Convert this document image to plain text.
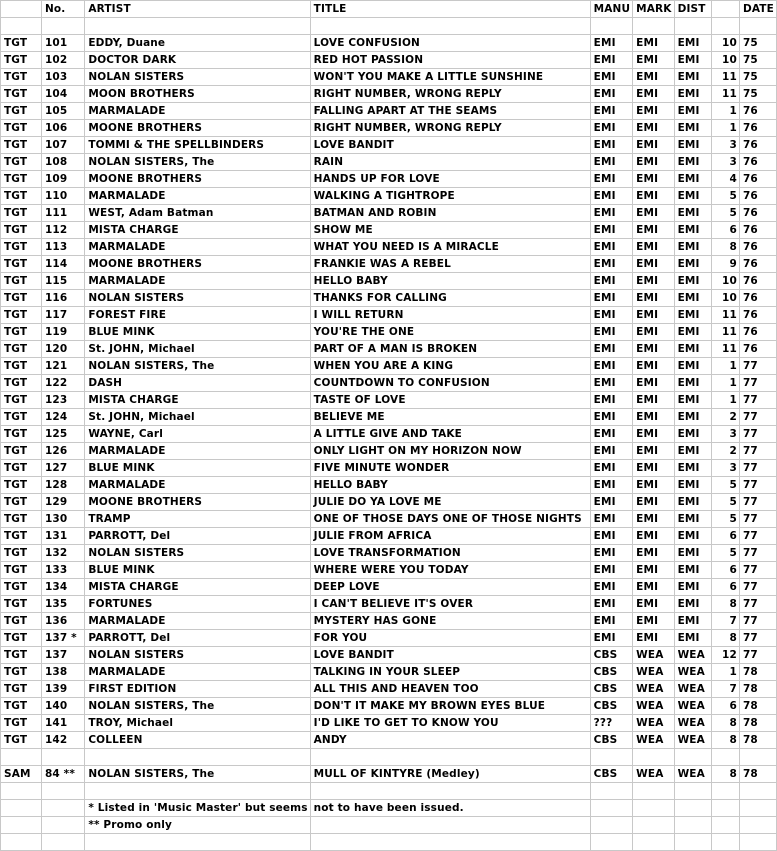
	No.	ARTIST	TITLE	MANU	MARK	DIST		DATE

TGT	101	EDDY, Duane	LOVE CONFUSION	EMI	EMI	EMI	10	75
TGT	102	DOCTOR DARK	RED HOT PASSION	EMI	EMI	EMI	10	75
TGT	103	NOLAN SISTERS	WON'T YOU MAKE A LITTLE SUNSHINE	EMI	EMI	EMI	11	75
TGT	104	MOON BROTHERS	RIGHT NUMBER, WRONG REPLY	EMI	EMI	EMI	11	75
TGT	105	MARMALADE	FALLING APART AT THE SEAMS	EMI	EMI	EMI	1	76
TGT	106	MOONE BROTHERS	RIGHT NUMBER, WRONG REPLY	EMI	EMI	EMI	1	76
TGT	107	TOMMI & THE SPELLBINDERS	LOVE BANDIT	EMI	EMI	EMI	3	76
TGT	108	NOLAN SISTERS, The	RAIN	EMI	EMI	EMI	3	76
TGT	109	MOONE BROTHERS	HANDS UP FOR LOVE	EMI	EMI	EMI	4	76
TGT	110	MARMALADE	WALKING A TIGHTROPE	EMI	EMI	EMI	5	76
TGT	111	WEST, Adam Batman	BATMAN AND ROBIN	EMI	EMI	EMI	5	76
TGT	112	MISTA CHARGE	SHOW ME	EMI	EMI	EMI	6	76
TGT	113	MARMALADE	WHAT YOU NEED IS A MIRACLE	EMI	EMI	EMI	8	76
TGT	114	MOONE BROTHERS	FRANKIE WAS A REBEL	EMI	EMI	EMI	9	76
TGT	115	MARMALADE	HELLO BABY	EMI	EMI	EMI	10	76
TGT	116	NOLAN SISTERS	THANKS FOR CALLING	EMI	EMI	EMI	10	76
TGT	117	FOREST FIRE	I WILL RETURN	EMI	EMI	EMI	11	76
TGT	119	BLUE MINK	YOU'RE THE ONE	EMI	EMI	EMI	11	76
TGT	120	St. JOHN, Michael	PART OF A MAN IS BROKEN	EMI	EMI	EMI	11	76
TGT	121	NOLAN SISTERS, The	WHEN YOU ARE A KING	EMI	EMI	EMI	1	77
TGT	122	DASH	COUNTDOWN TO CONFUSION	EMI	EMI	EMI	1	77
TGT	123	MISTA CHARGE	TASTE OF LOVE	EMI	EMI	EMI	1	77
TGT	124	St. JOHN, Michael	BELIEVE ME	EMI	EMI	EMI	2	77
TGT	125	WAYNE, Carl	A LITTLE GIVE AND TAKE	EMI	EMI	EMI	3	77
TGT	126	MARMALADE	ONLY LIGHT ON MY HORIZON NOW	EMI	EMI	EMI	2	77
TGT	127	BLUE MINK	FIVE MINUTE WONDER	EMI	EMI	EMI	3	77
TGT	128	MARMALADE	HELLO BABY	EMI	EMI	EMI	5	77
TGT	129	MOONE BROTHERS	JULIE DO YA LOVE ME	EMI	EMI	EMI	5	77
TGT	130	TRAMP	ONE OF THOSE DAYS ONE OF THOSE NIGHTS	EMI	EMI	EMI	5	77
TGT	131	PARROTT, Del	JULIE FROM AFRICA	EMI	EMI	EMI	6	77
TGT	132	NOLAN SISTERS	LOVE TRANSFORMATION	EMI	EMI	EMI	5	77
TGT	133	BLUE MINK	WHERE WERE YOU TODAY	EMI	EMI	EMI	6	77
TGT	134	MISTA CHARGE	DEEP LOVE	EMI	EMI	EMI	6	77
TGT	135	FORTUNES	I CAN'T BELIEVE IT'S OVER	EMI	EMI	EMI	8	77
TGT	136	MARMALADE	MYSTERY HAS GONE	EMI	EMI	EMI	7	77
TGT	137 *	PARROTT, Del	FOR YOU	EMI	EMI	EMI	8	77
TGT	137	NOLAN SISTERS	LOVE BANDIT	CBS	WEA	WEA	12	77
TGT	138	MARMALADE	TALKING IN YOUR SLEEP	CBS	WEA	WEA	1	78
TGT	139	FIRST EDITION	ALL THIS AND HEAVEN TOO	CBS	WEA	WEA	7	78
TGT	140	NOLAN SISTERS, The	DON'T IT MAKE MY BROWN EYES BLUE	CBS	WEA	WEA	6	78
TGT	141	TROY, Michael	I'D LIKE TO GET TO KNOW YOU	???	WEA	WEA	8	78
TGT	142	COLLEEN	ANDY	CBS	WEA	WEA	8	78

SAM	84 **	NOLAN SISTERS, The	MULL OF KINTYRE (Medley)	CBS	WEA	WEA	8	78

		* Listed in 'Music Master' but seems	not to have been issued.					
		** Promo only						
